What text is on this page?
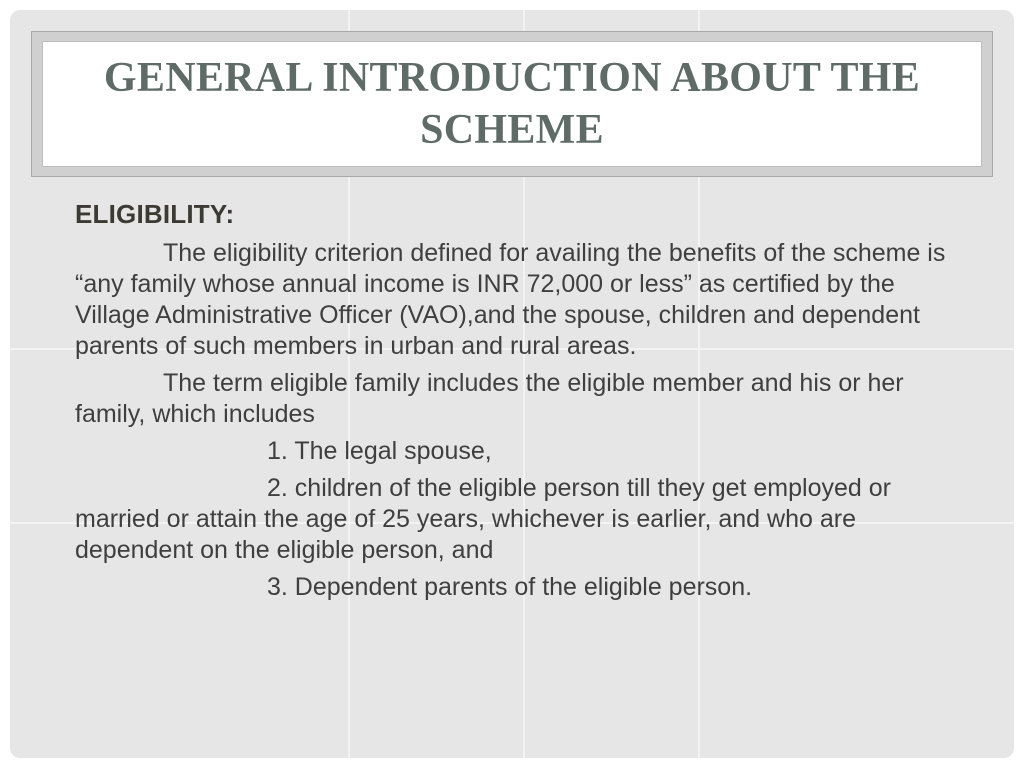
GENERAL INTRODUCTION ABOUT THE SCHEME
ELIGIBILITY:

The eligibility criterion defined for availing the benefits of the scheme is “any family whose annual income is INR 72,000 or less” as certified by the Village Administrative Officer (VAO),and the spouse, children and dependent parents of such members in urban and rural areas.

The term eligible family includes the eligible member and his or her family, which includes

1. The legal spouse,

2. children of the eligible person till they get employed or married or attain the age of 25 years, whichever is earlier, and who are dependent on the eligible person, and

3. Dependent parents of the eligible person.
